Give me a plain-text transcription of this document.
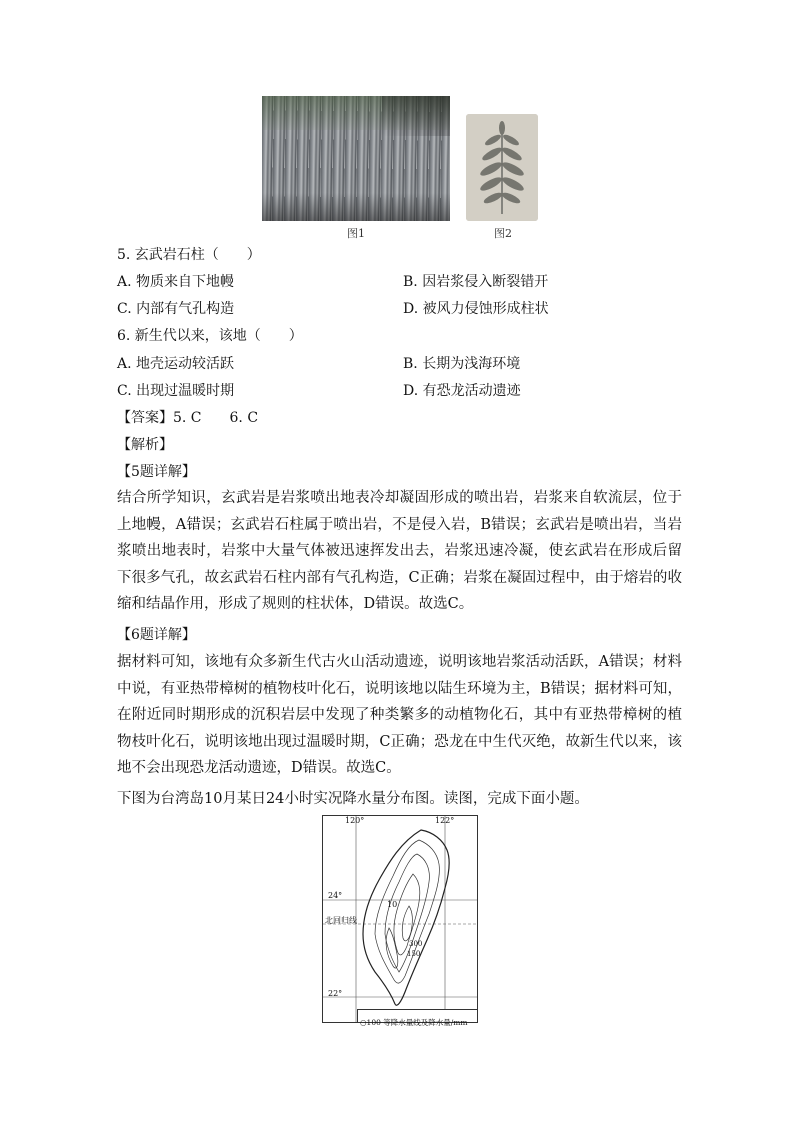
图1	图2
5. 玄武岩石柱（　　）
A. 物质来自下地幔	B. 因岩浆侵入断裂错开
C. 内部有气孔构造	D. 被风力侵蚀形成柱状
6. 新生代以来，该地（　　）
A. 地壳运动较活跃	B. 长期为浅海环境
C. 出现过温暖时期	D. 有恐龙活动遗迹
【答案】5. C　　6. C
【解析】
【5题详解】
结合所学知识，玄武岩是岩浆喷出地表冷却凝固形成的喷出岩，岩浆来自软流层，位于上地幔，A错误；玄武岩石柱属于喷出岩，不是侵入岩，B错误；玄武岩是喷出岩，当岩浆喷出地表时，岩浆中大量气体被迅速挥发出去，岩浆迅速冷凝，使玄武岩在形成后留下很多气孔，故玄武岩石柱内部有气孔构造，C正确；岩浆在凝固过程中，由于熔岩的收缩和结晶作用，形成了规则的柱状体，D错误。故选C。
【6题详解】
据材料可知，该地有众多新生代古火山活动遗迹，说明该地岩浆活动活跃，A错误；材料中说，有亚热带樟树的植物枝叶化石，说明该地以陆生环境为主，B错误；据材料可知，在附近同时期形成的沉积岩层中发现了种类繁多的动植物化石，其中有亚热带樟树的植物枝叶化石，说明该地出现过温暖时期，C正确；恐龙在中生代灭绝，故新生代以来，该地不会出现恐龙活动遗迹，D错误。故选C。
下图为台湾岛10月某日24小时实况降水量分布图。读图，完成下面小题。
120°	122°
24°
北回归线
22°
10
300
150
○100 等降水量线及降水量/mm
